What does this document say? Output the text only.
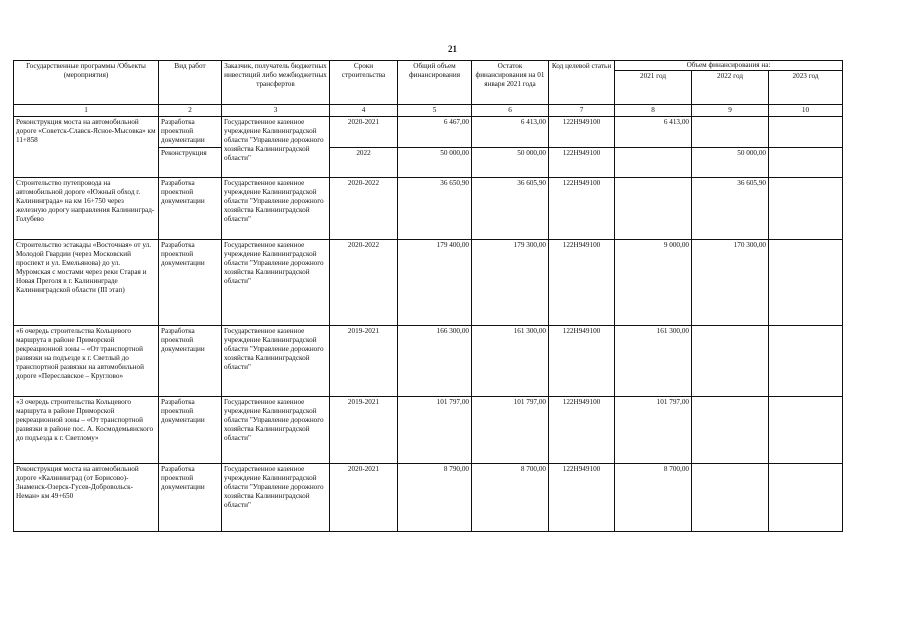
21
Государственные программы /Объекты (мероприятия)	Вид работ	Заказчик, получатель бюджетных инвестиций либо межбюджетных трансфертов	Сроки строительства	Общий объем финансирования	Остаток финансирования на 01 января 2021 года	Код целевой статьи	Объем финансирования на:		
							2021 год	2022 год	2023 год
1	2	3	4	5	6	7	8	9	10
Реконструкция моста на автомобильной дороге «Советск-Славск-Ясное-Мысовка» км 11+858	Разработка проектной документации	Государственное казенное учреждение Калининградской области "Управление дорожного хозяйства Калининградской области"	2020-2021	6 467,00	6 413,00	122H949100	6 413,00		
	Реконструкция		2022	50 000,00	50 000,00	122H949100		50 000,00	
Строительство путепровода на автомобильной дороге «Южный обход г. Калининграда» на км 16+750 через железную дорогу направления Калининград-Голубево	Разработка проектной документации	Государственное казенное учреждение Калининградской области "Управление дорожного хозяйства Калининградской области"	2020-2022	36 650,90	36 605,90	122H949100		36 605,90	
Строительство эстакады «Восточная» от ул. Молодой Гвардии (через Московский проспект и ул. Емельянова) до ул. Муромская с мостами через реки Старая и Новая Преголя в г. Калининграде Калининградской области (III этап)	Разработка проектной документации	Государственное казенное учреждение Калининградской области "Управление дорожного хозяйства Калининградской области"	2020-2022	179 400,00	179 300,00	122H949100	9 000,00	170 300,00	
«6 очередь строительства Кольцевого маршрута в районе Приморской рекреационной зоны – «От транспортной развязки на подъезде к г. Светлый до транспортной развязки на автомобильной дороге «Переславское – Круглово»	Разработка проектной документации	Государственное казенное учреждение Калининградской области "Управление дорожного хозяйства Калининградской области"	2019-2021	166 300,00	161 300,00	122H949100	161 300,00		
«3 очередь строительства Кольцевого маршрута в районе Приморской рекреационной зоны – «От транспортной развязки в районе пос. А. Космодемьянского до подъезда к г. Светлому»	Разработка проектной документации	Государственное казенное учреждение Калининградской области "Управление дорожного хозяйства Калининградской области"	2019-2021	101 797,00	101 797,00	122H949100	101 797,00		
Реконструкция моста на автомобильной дороге «Калининград (от Борисово)-Знаменск-Озерск-Гусев-Добровольск-Неман» км 49+650	Разработка проектной документации	Государственное казенное учреждение Калининградской области "Управление дорожного хозяйства Калининградской области"	2020-2021	8 790,00	8 700,00	122H949100	8 700,00		
